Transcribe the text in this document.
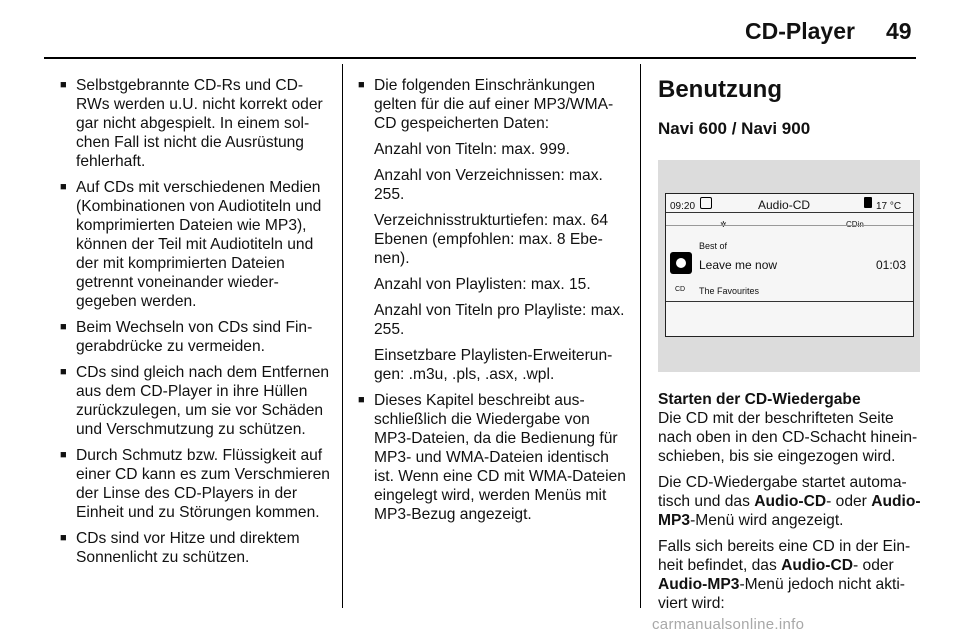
CD-Player 49
■ Selbstgebrannte CD-Rs und CD-RWs werden u.U. nicht korrekt oder gar nicht abgespielt. In einem solchen Fall ist nicht die Ausrüstung fehlerhaft.
■ Auf CDs mit verschiedenen Medien (Kombinationen von Audiotiteln und komprimierten Dateien wie MP3), können der Teil mit Audiotiteln und der mit komprimierten Dateien getrennt voneinander wiedergegeben werden.
■ Beim Wechseln von CDs sind Fingerabdrücke zu vermeiden.
■ CDs sind gleich nach dem Entfernen aus dem CD-Player in ihre Hüllen zurückzulegen, um sie vor Schäden und Verschmutzung zu schützen.
■ Durch Schmutz bzw. Flüssigkeit auf einer CD kann es zum Verschmieren der Linse des CD-Players in der Einheit und zu Störungen kommen.
■ CDs sind vor Hitze und direktem Sonnenlicht zu schützen.
■ Die folgenden Einschränkungen gelten für die auf einer MP3/WMA-CD gespeicherten Daten:
Anzahl von Titeln: max. 999.
Anzahl von Verzeichnissen: max. 255.
Verzeichnisstrukturtiefen: max. 64 Ebenen (empfohlen: max. 8 Ebenen).
Anzahl von Playlisten: max. 15.
Anzahl von Titeln pro Playliste: max. 255.
Einsetzbare Playlisten-Erweiterungen: .m3u, .pls, .asx, .wpl.
■ Dieses Kapitel beschreibt ausschließlich die Wiedergabe von MP3-Dateien, da die Bedienung für MP3- und WMA-Dateien identisch ist. Wenn eine CD mit WMA-Dateien eingelegt wird, werden Menüs mit MP3-Bezug angezeigt.
Benutzung
Navi 600 / Navi 900
09:20	Audio-CD	17 °C
Best of
CD
Leave me now	01:03
The Favourites
Starten der CD-Wiedergabe
Die CD mit der beschrifteten Seite nach oben in den CD-Schacht hineinschieben, bis sie eingezogen wird.
Die CD-Wiedergabe startet automatisch und das Audio-CD- oder Audio-MP3-Menü wird angezeigt.
Falls sich bereits eine CD in der Einheit befindet, das Audio-CD- oder Audio-MP3-Menü jedoch nicht aktiviert wird:
carmanualsonline.info
